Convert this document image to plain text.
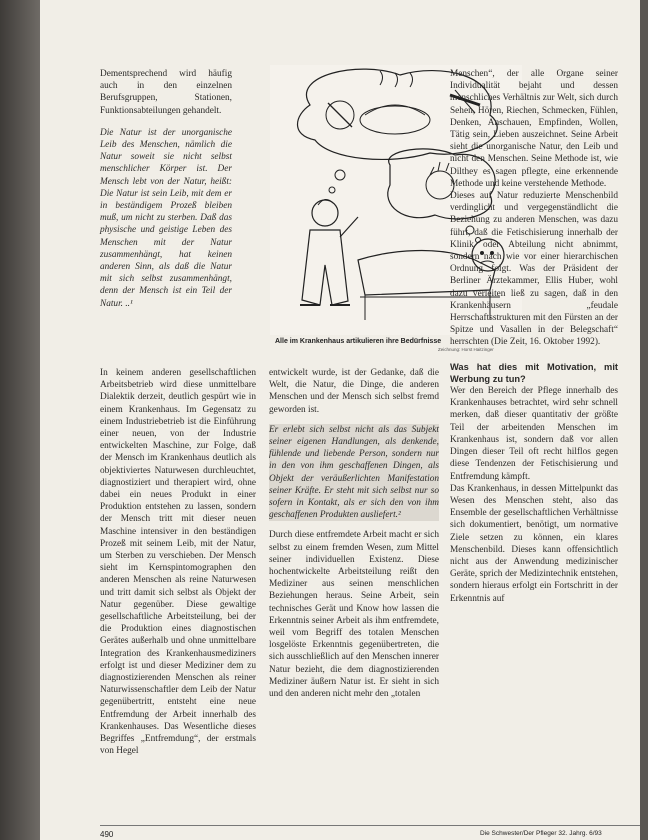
Dementsprechend wird häufig auch in den einzelnen Berufsgruppen, Stationen, Funktionsabteilungen gehandelt.

Die Natur ist der unorganische Leib des Menschen, nämlich die Natur soweit sie nicht selbst menschlicher Körper ist. Der Mensch lebt von der Natur, heißt: Die Natur ist sein Leib, mit dem er in beständigem Prozeß bleiben muß, um nicht zu sterben. Daß das physische und geistige Leben des Menschen mit der Natur zusammenhängt, hat keinen anderen Sinn, als daß die Natur mit sich selbst zusammenhängt, denn der Mensch ist ein Teil der Natur. ..¹

In keinem anderen gesellschaftlichen Arbeitsbetrieb wird diese unmittelbare Dialektik derzeit, deutlich gespürt wie in einem Krankenhaus. Im Gegensatz zu einem Industriebetrieb ist die Einführung einer neuen, von der Industrie entwickelten Maschine, zur Folge, daß der Mensch im Krankenhaus deutlich als objektiviertes Naturwesen durchleuchtet, diagnostiziert und therapiert wird, ohne dabei ein neues Produkt in einer Produktion entstehen zu lassen, sondern der Mensch tritt mit dieser neuen Maschine intensiver in den beständigen Prozeß mit seinem Leib, mit der Natur, um Sterben zu verschieben. Der Mensch sieht im Kernspintomographen den anderen Menschen als reine Naturwesen und tritt damit sich selbst als Objekt der Natur gegenüber. Diese gewaltige gesellschaftliche Arbeitsteilung, bei der die Produktion eines diagnostischen Gerätes außerhalb und ohne unmittelbare Integration des Krankenhausmediziners erfolgt ist und dieser Mediziner dem zu diagnostizierenden Menschen als reiner Naturwissenschaftler dem Leib der Natur gegenübertritt, entsteht eine neue Entfremdung der Arbeit innerhalb des Krankenhauses. Das Wesentliche dieses Begriffes „Entfremdung“, der erstmals von Hegel

Alle im Krankenhaus artikulieren ihre Bedürfnisse
Zeichnung: Horst Haitzinger

entwickelt wurde, ist der Gedanke, daß die Welt, die Natur, die Dinge, die anderen Menschen und der Mensch sich selbst fremd geworden ist.

Er erlebt sich selbst nicht als das Subjekt seiner eigenen Handlungen, als denkende, fühlende und liebende Person, sondern nur in den von ihm geschaffenen Dingen, als Objekt der veräußerlichten Manifestation seiner Kräfte. Er steht mit sich selbst nur so sofern in Kontakt, als er sich den von ihm geschaffenen Produkten ausliefert.²

Durch diese entfremdete Arbeit macht er sich selbst zu einem fremden Wesen, zum Mittel seiner individuellen Existenz. Diese hochentwickelte Arbeitsteilung reißt den Mediziner aus seinen menschlichen Beziehungen heraus. Seine Arbeit, sein technisches Gerät und Know how lassen die Erkenntnis seiner Arbeit als ihm entfremdete, weil vom Begriff des totalen Menschen losgelöste Erkenntnis gegenübertreten, die sich ausschließlich auf den Menschen innerer Natur bezieht, die dem diagnostizierenden Mediziner äußern Natur ist. Er sieht in sich und den anderen nicht mehr den „totalen

Menschen“, der alle Organe seiner Individualität bejaht und dessen menschliches Verhältnis zur Welt, sich durch Sehen, Hören, Riechen, Schmecken, Fühlen, Denken, Anschauen, Empfinden, Wollen, Tätig sein, Lieben auszeichnet. Seine Arbeit sieht die unorganische Natur, den Leib und nicht den Menschen. Seine Methode ist, wie Dilthey es sagen pflegte, eine erkennende Methode und keine verstehende Methode.

Dieses auf Natur reduzierte Menschenbild verdinglicht und vergegenständlicht die Beziehung zu anderen Menschen, was dazu führt, daß die Fetischisierung innerhalb der Klinik oder Abteilung nicht abnimmt, sondern nach wie vor einer hierarchischen Ordnung folgt. Was der Präsident der Berliner Ärztekammer, Ellis Huber, wohl dazu verleiten ließ zu sagen, daß in den Krankenhäusern „feudale Herrschaftsstrukturen mit den Fürsten an der Spitze und Vasallen in der Belegschaft“ herrschten (Die Zeit, 16. Oktober 1992).

Was hat dies mit Motivation, mit Werbung zu tun?

Wer den Bereich der Pflege innerhalb des Krankenhauses betrachtet, wird sehr schnell merken, daß dieser quantitativ der größte Teil der arbeitenden Menschen im Krankenhaus ist, sondern daß vor allen Dingen dieser Teil oft recht hilflos gegen diese Tendenzen der Fetischisierung und Entfremdung kämpft.

Das Krankenhaus, in dessen Mittelpunkt das Wesen des Menschen steht, also das Ensemble der gesellschaftlichen Verhältnisse sich dokumentiert, benötigt, um normative Ziele setzen zu können, ein klares Menschenbild. Dieses kann offensichtlich nicht aus der Anwendung medizinischer Geräte, sprich der Medizintechnik entstehen, sondern hieraus erfolgt ein Fortschritt in der Erkenntnis auf

490	Die Schwester/Der Pfleger 32. Jahrg. 6/93
